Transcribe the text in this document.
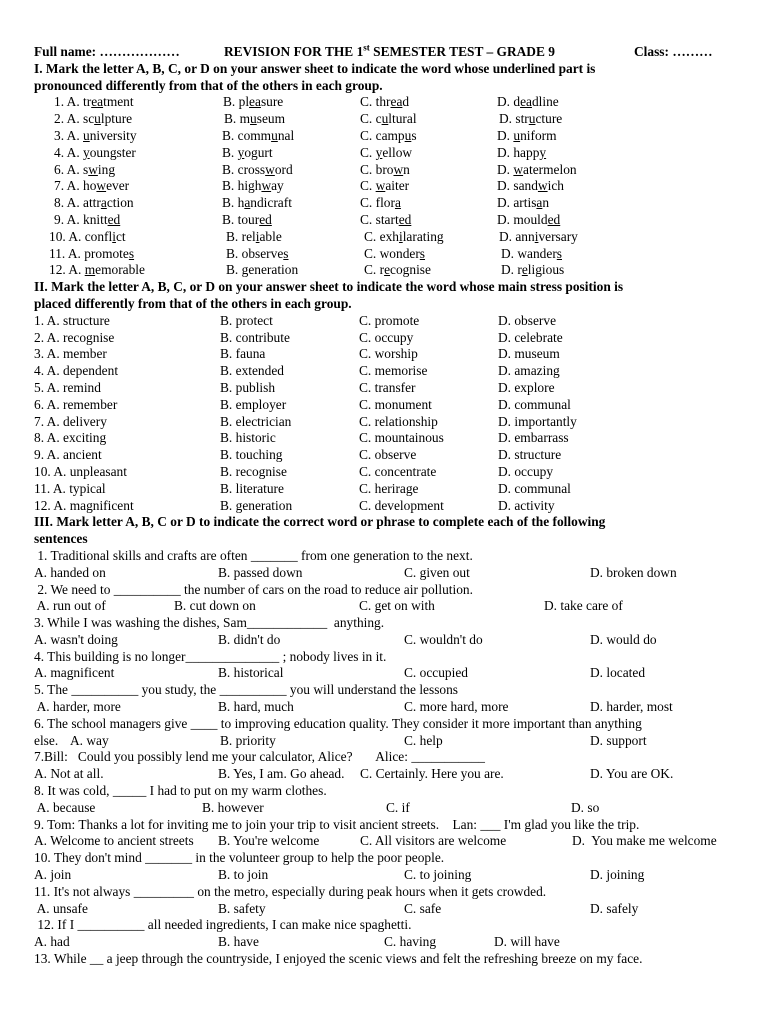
Full name: ………………	REVISION FOR THE 1st SEMESTER TEST – GRADE 9	Class: ………
I. Mark the letter A, B, C, or D on your answer sheet to indicate the word whose underlined part is
pronounced differently from that of the others in each group.
1. A. treatment	B. pleasure	C. thread	D. deadline
2. A. sculpture	B. museum	C. cultural	D. structure
3. A. university	B. communal	C. campus	D. uniform
4. A. youngster	B. yogurt	C. yellow	D. happy
6. A. swing	B. crossword	C. brown	D. watermelon
7. A. however	B. highway	C. waiter	D. sandwich
8. A. attraction	B. handicraft	C. flora	D. artisan
9. A. knitted	B. toured	C. started	D. moulded
10. A. conflict	B. reliable	C. exhilarating	D. anniversary
11. A. promotes	B. observes	C. wonders	D. wanders
12. A. memorable	B. generation	C. recognise	D. religious
II. Mark the letter A, B, C, or D on your answer sheet to indicate the word whose main stress position is
placed differently from that of the others in each group.
1. A. structure	B. protect	C. promote	D. observe
2. A. recognise	B. contribute	C. occupy	D. celebrate
3. A. member	B. fauna	C. worship	D. museum
4. A. dependent	B. extended	C. memorise	D. amazing
5. A. remind	B. publish	C. transfer	D. explore
6. A. remember	B. employer	C. monument	D. communal
7. A. delivery	B. electrician	C. relationship	D. importantly
8. A. exciting	B. historic	C. mountainous	D. embarrass
9. A. ancient	B. touching	C. observe	D. structure
10. A. unpleasant	B. recognise	C. concentrate	D. occupy
11. A. typical	B. literature	C. herirage	D. communal
12. A. magnificent	B. generation	C. development	D. activity
III. Mark letter A, B, C or D to indicate the correct word or phrase to complete each of the following
sentences
1. Traditional skills and crafts are often _______ from one generation to the next.
A. handed on	B. passed down	C. given out	D. broken down
2. We need to __________ the number of cars on the road to reduce air pollution.
A. run out of	B. cut down on	C. get on with	D. take care of
3. While I was washing the dishes, Sam____________  anything.
A. wasn't doing	B. didn't do	C. wouldn't do	D. would do
4. This building is no longer______________ ; nobody lives in it.
A. magnificent	B. historical	C. occupied	D. located
5. The __________ you study, the __________ you will understand the lessons
A. harder, more	B. hard, much	C. more hard, more	D. harder, most
6. The school managers give ____ to improving education quality. They consider it more important than anything
else. A. way	B. priority	C. help	D. support
7.Bill:   Could you possibly lend me your calculator, Alice?       Alice: ___________
A. Not at all.	B. Yes, I am. Go ahead. C. Certainly. Here you are.	D. You are OK.
8. It was cold, _____ I had to put on my warm clothes.
A. because	B. however	C. if	D. so
9. Tom: Thanks a lot for inviting me to join your trip to visit ancient streets.    Lan: ___ I'm glad you like the trip.
A. Welcome to ancient streets B. You're welcome	C. All visitors are welcome	D.  You make me welcome
10. They don't mind _______ in the volunteer group to help the poor people.
A. join	B. to join	C. to joining	D. joining
11. It's not always _________ on the metro, especially during peak hours when it gets crowded.
A. unsafe	B. safety	C. safe	D. safely
12. If I __________ all needed ingredients, I can make nice spaghetti.
A. had	B. have	C. having	D. will have
13. While __ a jeep through the countryside, I enjoyed the scenic views and felt the refreshing breeze on my face.
